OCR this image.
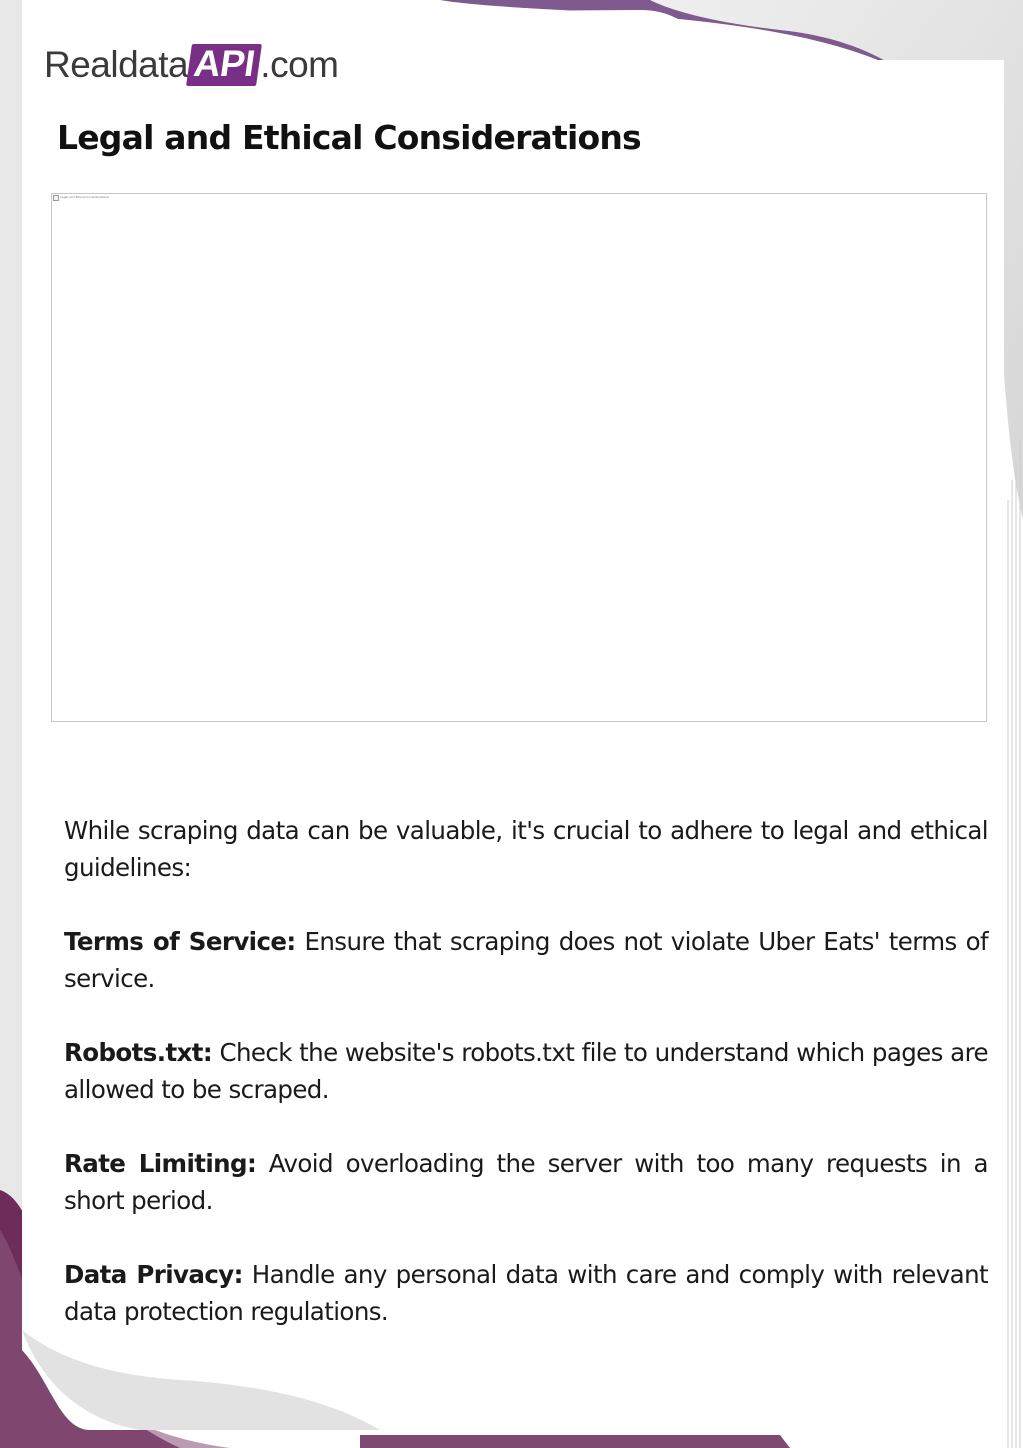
Realdata API .com
Legal and Ethical Considerations
Legal and Ethical Considerations

While scraping data can be valuable, it's crucial to adhere to legal and ethical guidelines:

Terms of Service: Ensure that scraping does not violate Uber Eats' terms of service.

Robots.txt: Check the website's robots.txt file to understand which pages are allowed to be scraped.

Rate Limiting: Avoid overloading the server with too many requests in a short period.

Data Privacy: Handle any personal data with care and comply with relevant data protection regulations.
